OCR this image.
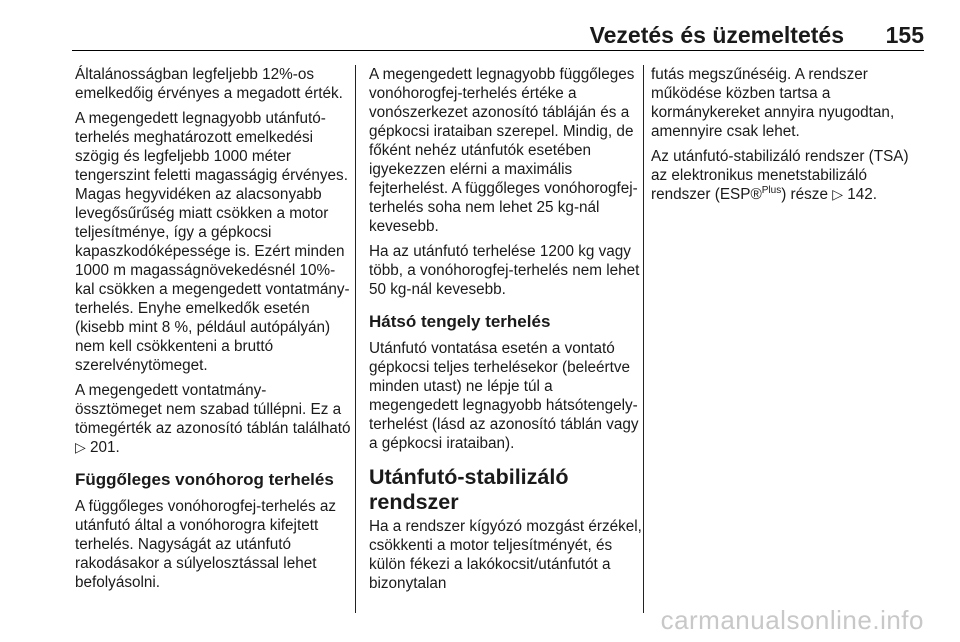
Vezetés és üzemeltetés 155

Általánosságban legfeljebb 12%-os emelkedőig érvényes a megadott érték.

A megengedett legnagyobb utánfutó-terhelés meghatározott emelkedési szögig és legfeljebb 1000 méter tengerszint feletti magasságig érvényes. Magas hegyvidéken az alacsonyabb levegősűrűség miatt csökken a motor teljesítménye, így a gépkocsi kapaszkodóképessége is. Ezért minden 1000 m magasságnövekedésnél 10%-kal csökken a megengedett vontatmány-terhelés. Enyhe emelkedők esetén (kisebb mint 8 %, például autópályán) nem kell csökkenteni a bruttó szerelvénytömeget.

A megengedett vontatmány-össztömeget nem szabad túllépni. Ez a tömegérték az azonosító táblán található ▷ 201.

Függőleges vonóhorog terhelés

A függőleges vonóhorogfej-terhelés az utánfutó által a vonóhorogra kifejtett terhelés. Nagyságát az utánfutó rakodásakor a súlyelosztással lehet befolyásolni.

A megengedett legnagyobb függőleges vonóhorogfej-terhelés értéke a vonószerkezet azonosító tábláján és a gépkocsi irataiban szerepel. Mindig, de főként nehéz utánfutók esetében igyekezzen elérni a maximális fejterhelést. A függőleges vonóhorogfej-terhelés soha nem lehet 25 kg-nál kevesebb.

Ha az utánfutó terhelése 1200 kg vagy több, a vonóhorogfej-terhelés nem lehet 50 kg-nál kevesebb.

Hátsó tengely terhelés

Utánfutó vontatása esetén a vontató gépkocsi teljes terhelésekor (beleértve minden utast) ne lépje túl a megengedett legnagyobb hátsótengely-terhelést (lásd az azonosító táblán vagy a gépkocsi irataiban).

Utánfutó-stabilizáló
rendszer

Ha a rendszer kígyózó mozgást érzékel, csökkenti a motor teljesítményét, és külön fékezi a lakókocsit/utánfutót a bizonytalan

futás megszűnéséig. A rendszer működése közben tartsa a kormánykereket annyira nyugodtan, amennyire csak lehet.

Az utánfutó-stabilizáló rendszer (TSA) az elektronikus menetstabilizáló rendszer (ESP®$^{Plus}$) része ▷ 142.

carmanualsonline.info
